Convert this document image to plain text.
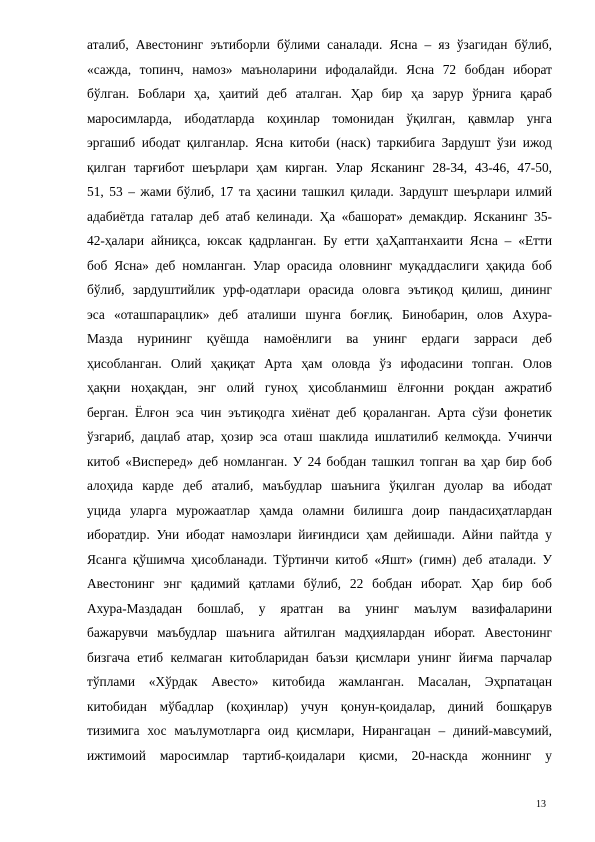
аталиб, Авестонинг эътиборли бўлими саналади. Ясна – яз ўзагидан бўлиб,
«сажда, топинч, намоз» маъноларини ифодалайди. Ясна 72 бобдан иборат
бўлган. Боблари ҳа, ҳаитий деб аталган. Ҳар бир ҳа зарур ўрнига қараб
маросимларда, ибодатларда коҳинлар томонидан ўқилган, қавмлар унга
эргашиб ибодат қилганлар. Ясна китоби (наск) таркибига Зардушт ўзи ижод
қилган тарғибот шеърлари ҳам кирган. Улар Ясканинг 28-34, 43-46, 47-50,
51, 53 – жами бўлиб, 17 та ҳасини ташкил қилади. Зардушт шеърлари илмий
адабиётда гаталар деб атаб келинади. Ҳа «башорат» демакдир. Ясканинг 35-
42-ҳалари айниқса, юксак қадрланган. Бу етти ҳаҲаптанхаити Ясна – «Етти
боб Ясна» деб номланган. Улар орасида оловнинг муқаддаслиги ҳақида боб
бўлиб, зардуштийлик урф-одатлари орасида оловга эътиқод қилиш, дининг
эса «оташпарацлик» деб аталиши шунга боғлиқ. Бинобарин, олов Ахура-
Мазда нурининг қуёшда намоёнлиги ва унинг ердаги зарраси деб
ҳисобланган. Олий ҳақиқат Арта ҳам оловда ўз ифодасини топган. Олов
ҳақни ноҳақдан, энг олий гуноҳ ҳисобланмиш ёлғонни роқдан ажратиб
берган. Ёлғон эса чин эътиқодга хиёнат деб қораланган. Арта сўзи фонетик
ўзгариб, дацлаб атар, ҳозир эса оташ шаклида ишлатилиб келмоқда. Учинчи
китоб «Висперед» деб номланган. У 24 бобдан ташкил топган ва ҳар бир боб
алоҳида карде деб аталиб, маъбудлар шаънига ўқилган дуолар ва ибодат
уцида уларга мурожаатлар ҳамда оламни билишга доир пандасиҳатлардан
иборатдир. Уни ибодат намозлари йиғиндиси ҳам дейишади. Айни пайтда у
Ясанга қўшимча ҳисобланади. Тўртинчи китоб «Яшт» (гимн) деб аталади. У
Авестонинг энг қадимий қатлами бўлиб, 22 бобдан иборат. Ҳар бир боб
Ахура-Маздадан бошлаб, у яратган ва унинг маълум вазифаларини
бажарувчи маъбудлар шаънига айтилган мадҳиялардан иборат. Авестонинг
бизгача етиб келмаган китобларидан баъзи қисмлари унинг йиғма парчалар
тўплами «Хўрдак Авесто» китобида жамланган. Масалан, Эҳрпатацан
китобидан мўбадлар (коҳинлар) учун қонун-қоидалар, диний бошқарув
тизимига хос маълумотларга оид қисмлари, Нирангацан – диний-мавсумий,
ижтимоий маросимлар тартиб-қоидалари қисми, 20-наскда жоннинг у
13
